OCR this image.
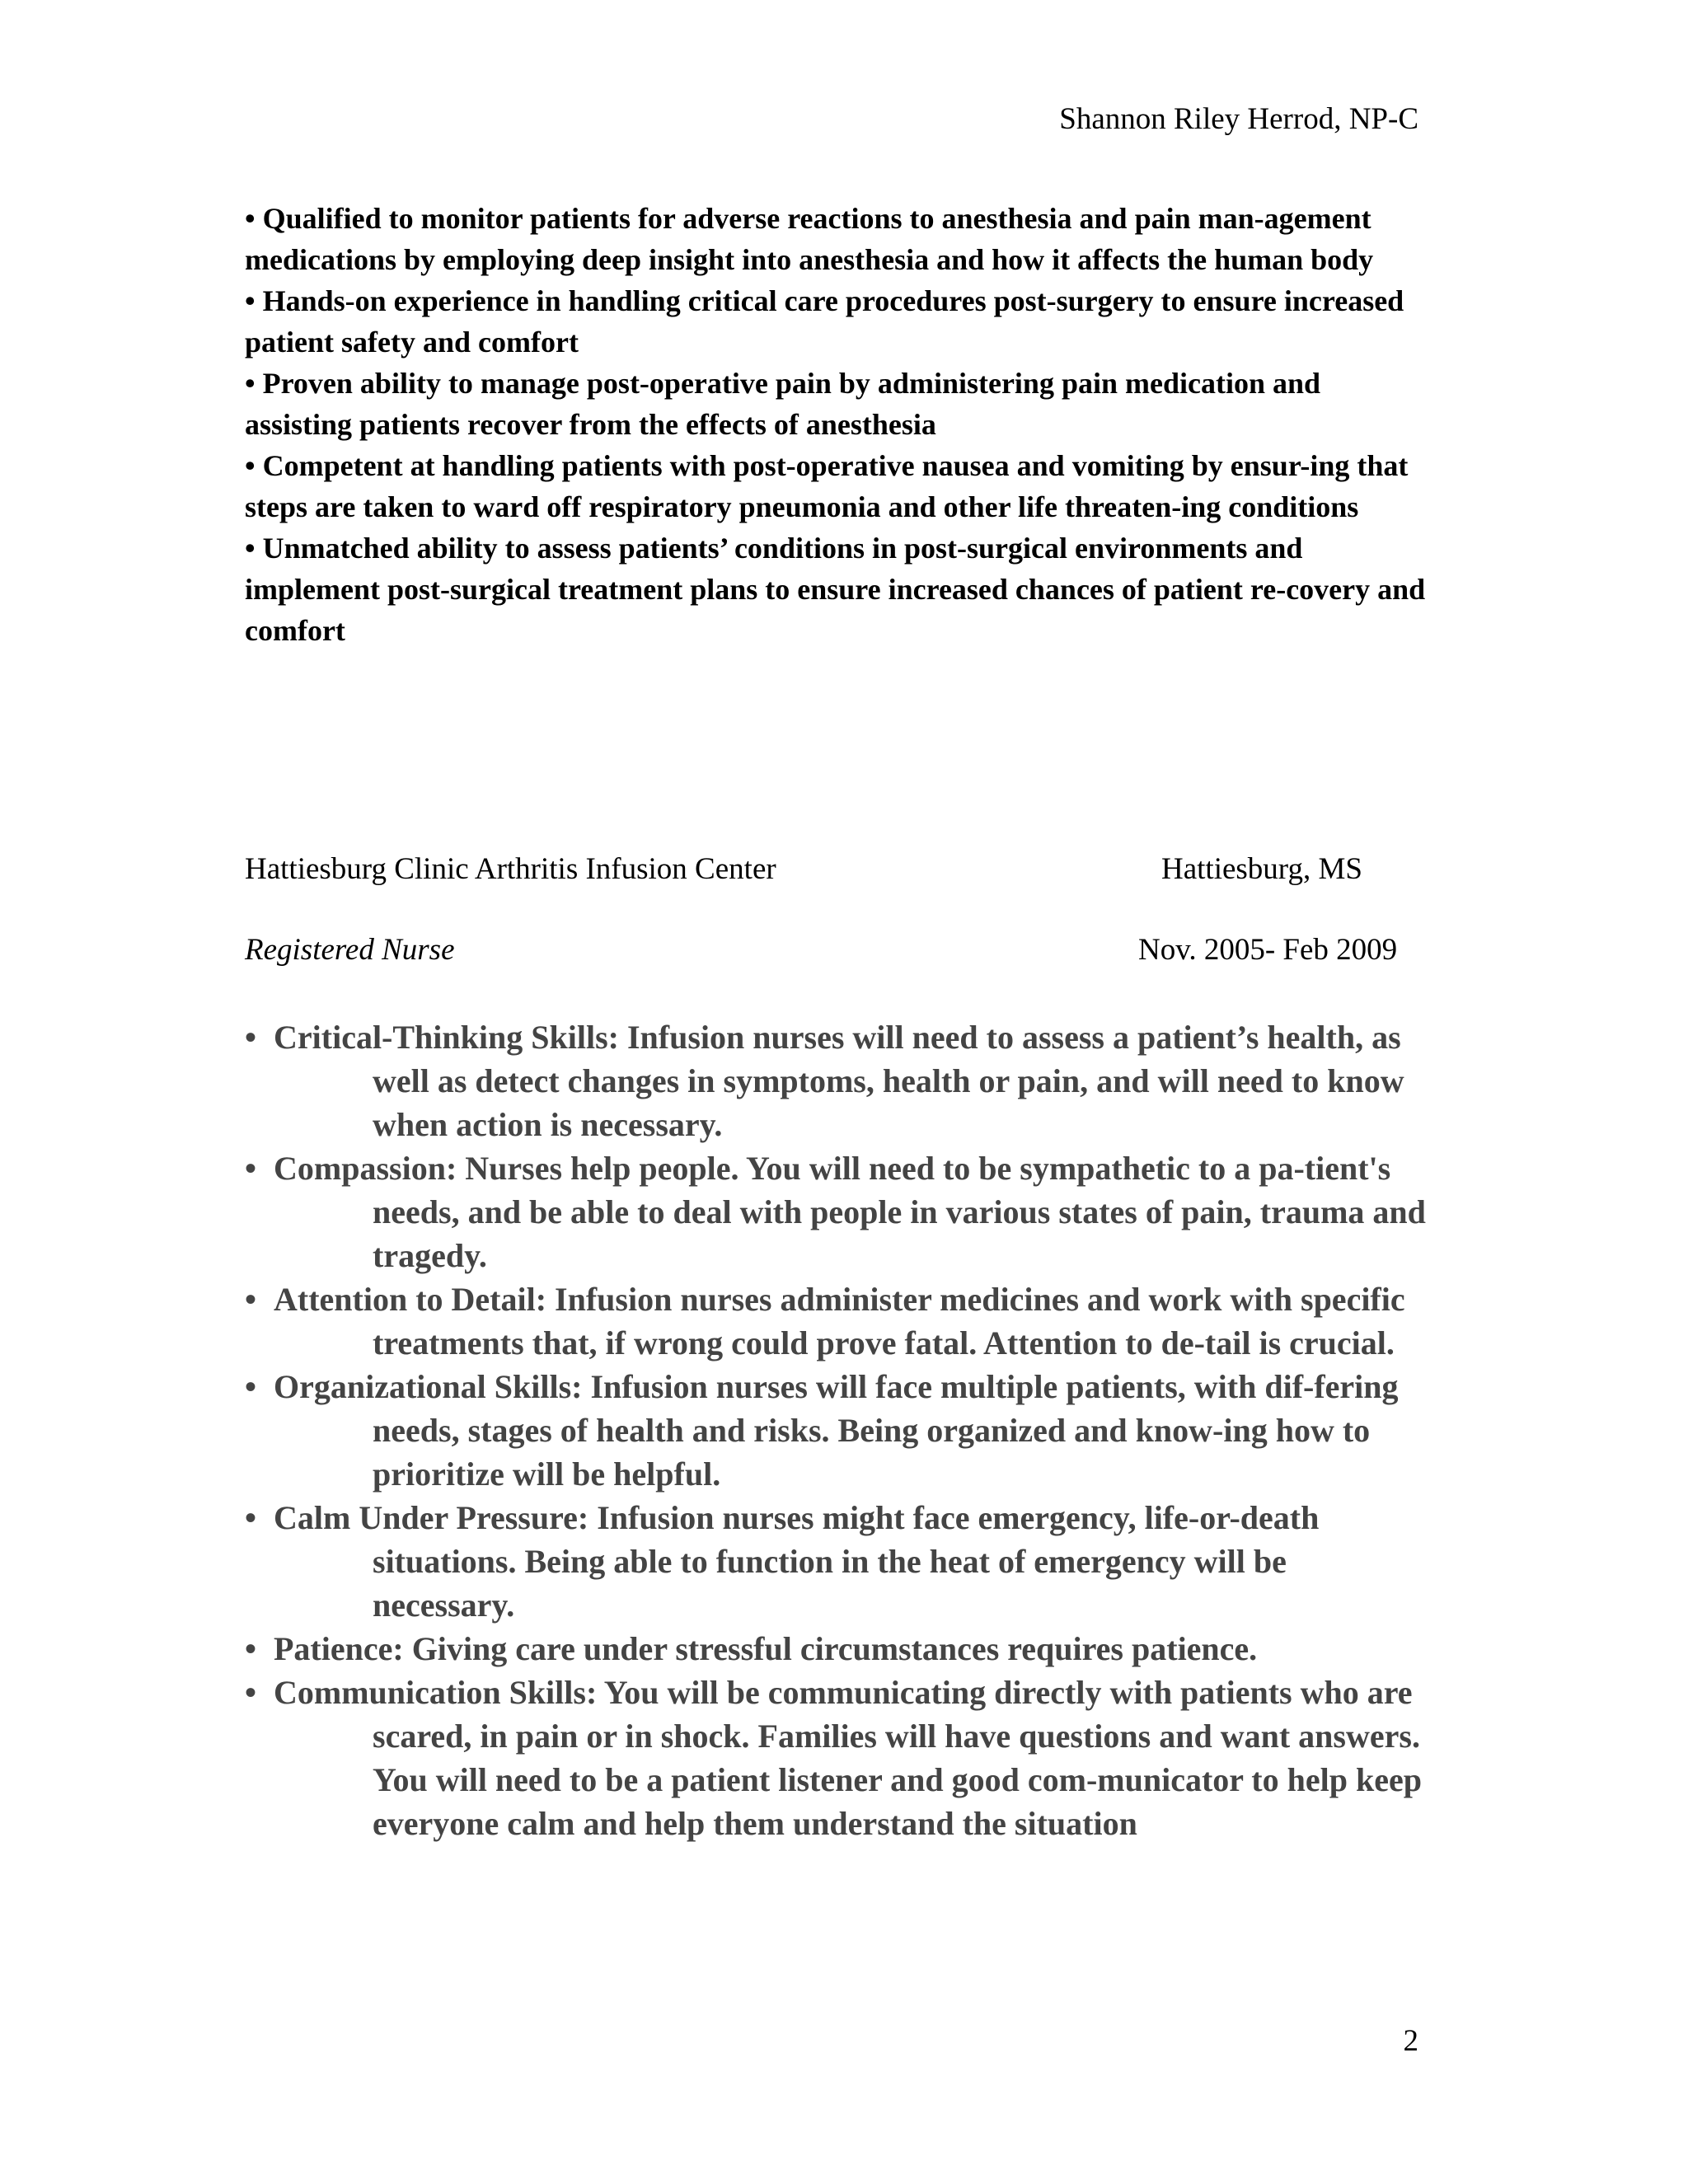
Shannon Riley Herrod, NP-C
• Qualified to monitor patients for adverse reactions to anesthesia and pain man-agement medications by employing deep insight into anesthesia and how it affects the human body
• Hands-on experience in handling critical care procedures post-surgery to ensure increased patient safety and comfort
• Proven ability to manage post-operative pain by administering pain medication and assisting patients recover from the effects of anesthesia
• Competent at handling patients with post-operative nausea and vomiting by ensur-ing that steps are taken to ward off respiratory pneumonia and other life threaten-ing conditions
• Unmatched ability to assess patients’ conditions in post-surgical environments and implement post-surgical treatment plans to ensure increased chances of patient re-covery and comfort
Hattiesburg Clinic Arthritis Infusion Center	Hattiesburg, MS
Registered Nurse	Nov. 2005- Feb 2009
• Critical-Thinking Skills: Infusion nurses will need to assess a patient’s health, as well as detect changes in symptoms, health or pain, and will need to know when action is necessary.
• Compassion: Nurses help people. You will need to be sympathetic to a pa-tient's needs, and be able to deal with people in various states of pain, trauma and tragedy.
• Attention to Detail: Infusion nurses administer medicines and work with specific treatments that, if wrong could prove fatal. Attention to de-tail is crucial.
• Organizational Skills: Infusion nurses will face multiple patients, with dif-fering needs, stages of health and risks. Being organized and know-ing how to prioritize will be helpful.
• Calm Under Pressure: Infusion nurses might face emergency, life-or-death situations. Being able to function in the heat of emergency will be necessary.
• Patience: Giving care under stressful circumstances requires patience.
• Communication Skills: You will be communicating directly with patients who are scared, in pain or in shock. Families will have questions and want answers. You will need to be a patient listener and good com-municator to help keep everyone calm and help them understand the situation
2
